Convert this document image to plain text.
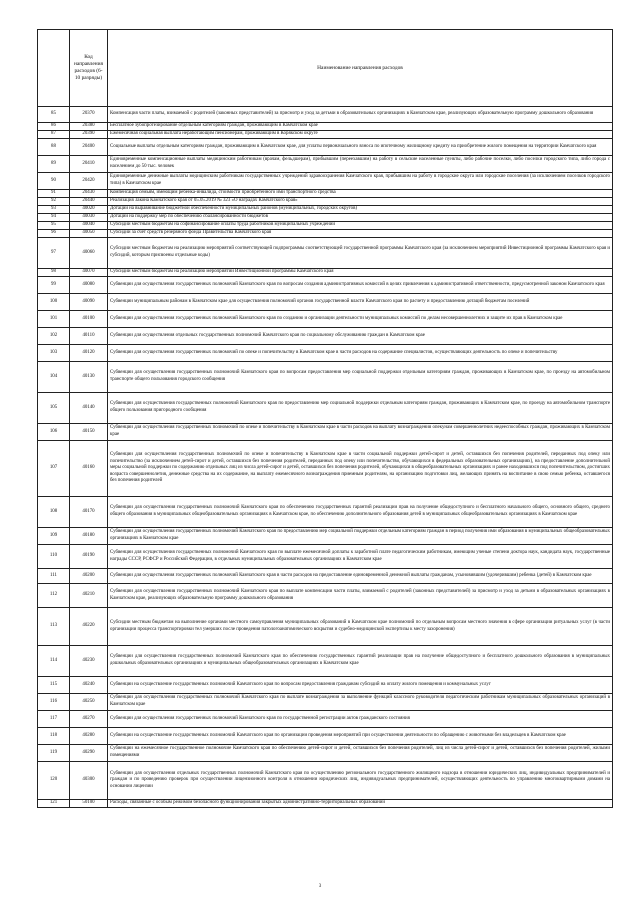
	Код направления расходов (6-10 разряды)	Наименование направления расходов
85	20370	Компенсация части платы, взимаемой с родителей (законных представителей) за присмотр и уход за детьми в образовательных организациях в Камчатском крае, реализующих образовательную программу дошкольного образования
86	20380	Бесплатное зубопротезирование отдельным категориям граждан, проживающим в Камчатском крае
87	20390	Ежемесячная социальная выплата неработающим пенсионерам, проживающим в Корякском округе
88	20400	Социальные выплаты отдельным категориям граждан, проживающим в Камчатском крае, для уплаты первоначального взноса по ипотечному жилищному кредиту на приобретение жилого помещения на территории Камчатского края
89	20410	Единовременные компенсационные выплаты медицинским работникам (врачам, фельдшерам), прибывшим (переехавшим) на работу в сельские населенные пункты, либо рабочие поселки, либо поселки городского типа, либо города с населением до 50 тыс. человек
90	20420	Единовременные денежные выплаты медицинским работникам государственных учреждений здравоохранения Камчатского края, прибывшим на работу в городские округа или городские поселения (за исключением поселков городского типа) в Камчатском крае
91	20430	Компенсация семьям, имеющим ребенка-инвалида, стоимости приобретенного ими транспортного средства
92	20440	Реализация Закона Камчатского края от 05.05.2019 № 323 «О наградах Камчатского края»
93	40020	Дотации на выравнивание бюджетной обеспеченности муниципальных районов (муниципальных, городских округов)
94	40030	Дотации на поддержку мер по обеспечению сбалансированности бюджетов
95	40040	Субсидии местным бюджетам на софинансирование оплаты труда работников муниципальных учреждений
96	40050	Субсидии за счет средств резервного фонда Правительства Камчатского края
97	40060	Субсидии местным бюджетам на реализацию мероприятий соответствующей подпрограммы соответствующей государственной программы Камчатского края (за исключением мероприятий Инвестиционной программы Камчатского края и субсидий, которым присвоены отдельные коды)
98	40070	Субсидии местным бюджетам на реализацию мероприятий Инвестиционной программы Камчатского края
99	40080	Субвенции для осуществления государственных полномочий Камчатского края по вопросам создания административных комиссий в целях привлечения к административной ответственности, предусмотренной законом Камчатского края
100	40090	Субвенции муниципальным районам в Камчатском крае для осуществления полномочий органов государственной власти Камчатского края по расчету и предоставлению дотаций бюджетам поселений
101	40100	Субвенции для осуществления государственных полномочий Камчатского края по созданию и организации деятельности муниципальных комиссий по делам несовершеннолетних и защите их прав в Камчатском крае
102	40110	Субвенции для осуществления отдельных государственных полномочий Камчатского края по социальному обслуживанию граждан в Камчатском крае
103	40120	Субвенции для осуществления государственных полномочий по опеке и попечительству в Камчатском крае в части расходов на содержание специалистов, осуществляющих деятельность по опеке и попечительству
104	40130	Субвенции для осуществления государственных полномочий Камчатского края по вопросам предоставления мер социальной поддержки отдельным категориям граждан, проживающих в Камчатском крае, по проезду на автомобильном транспорте общего пользования городского сообщения
105	40140	Субвенции для осуществления государственных полномочий Камчатского края по предоставлению мер социальной поддержки отдельным категориям граждан, проживающих в Камчатском крае, по проезду на автомобильном транспорте общего пользования пригородного сообщения
106	40150	Субвенции для осуществления государственных полномочий по опеке и попечительству в Камчатском крае в части расходов на выплату вознаграждения опекунам совершеннолетних недееспособных граждан, проживающих в Камчатском крае
107	40160	Субвенции для осуществления государственных полномочий по опеке и попечительству в Камчатском крае в части социальной поддержки детей-сирот и детей, оставшихся без попечения родителей, переданных под опеку или попечительство (за исключением детей-сирот и детей, оставшихся без попечения родителей, переданных под опеку или попечительство, обучающихся в федеральных образовательных организациях), на предоставление дополнительной меры социальной поддержки по содержанию отдельных лиц из числа детей-сирот и детей, оставшихся без попечения родителей, обучающихся в общеобразовательных организациях и ранее находившихся под попечительством, достигших возраста совершеннолетия, денежные средства на их содержание, на выплату ежемесячного вознаграждения приемным родителям, на организацию подготовки лиц, желающих принять на воспитание в свою семью ребенка, оставшегося без попечения родителей
108	40170	Субвенции для осуществления государственных полномочий Камчатского края по обеспечению государственных гарантий реализации прав на получение общедоступного и бесплатного начального общего, основного общего, среднего общего образования в муниципальных общеобразовательных организациях в Камчатском крае, по обеспечению дополнительного образования детей в муниципальных общеобразовательных организациях в Камчатском крае
109	40180	Субвенции для осуществления государственных полномочий Камчатского края по предоставлению мер социальной поддержки отдельным категориям граждан в период получения ими образования в муниципальных общеобразовательных организациях в Камчатском крае
110	40190	Субвенции для осуществления государственных полномочий Камчатского края по выплате ежемесячной доплаты к заработной плате педагогическим работникам, имеющим ученые степени доктора наук, кандидата наук, государственные награды СССР, РСФСР и Российской Федерации, в отдельных муниципальных образовательных организациях в Камчатском крае
111	40200	Субвенции для осуществления государственных полномочий Камчатского края в части расходов на предоставление единовременной денежной выплаты гражданам, усыновившим (удочерившим) ребенка (детей) в Камчатском крае
112	40210	Субвенции для осуществления государственных полномочий Камчатского края по выплате компенсации части платы, взимаемой с родителей (законных представителей) за присмотр и уход за детьми в образовательных организациях в Камчатском крае, реализующих образовательную программу дошкольного образования
113	40220	Субсидии местным бюджетам на выполнение органами местного самоуправления муниципальных образований в Камчатском крае полномочий по отдельным вопросам местного значения в сфере организации ритуальных услуг (в части организации процесса транспортировки тел умерших после проведения патологоанатомического вскрытия и судебно-медицинской экспертизы к месту захоронения)
114	40230	Субвенции для осуществления государственных полномочий Камчатского края по обеспечению государственных гарантий реализации прав на получение общедоступного и бесплатного дошкольного образования в муниципальных дошкольных образовательных организациях и муниципальных общеобразовательных организациях в Камчатском крае
115	40240	Субвенции на осуществление государственных полномочий Камчатского края по вопросам предоставления гражданам субсидий на оплату жилого помещения и коммунальных услуг
116	40250	Субвенции для осуществления государственных полномочий Камчатского края по выплате вознаграждения за выполнение функций классного руководителя педагогическим работникам муниципальных образовательных организаций в Камчатском крае
117	40270	Субвенции для осуществления государственных полномочий Камчатского края по государственной регистрации актов гражданского состояния
118	40280	Субвенции на осуществление государственных полномочий Камчатского края по организации проведения мероприятий при осуществлении деятельности по обращению с животными без владельцев в Камчатском крае
119	40290	Субвенции на ежемесячное государственное полномочие Камчатского края по обеспечению детей-сирот и детей, оставшихся без попечения родителей, лиц из числа детей-сирот и детей, оставшихся без попечения родителей, жилыми помещениями
120	40300	Субвенции для осуществления отдельных государственных полномочий Камчатского края по осуществлению регионального государственного жилищного надзора в отношении юридических лиц, индивидуальных предпринимателей и граждан и по проведению проверок при осуществлении лицензионного контроля в отношении юридических лиц, индивидуальных предпринимателей, осуществляющих деятельность по управлению многоквартирными домами на основании лицензии
121	50100	Расходы, связанные с особым режимом безопасного функционирования закрытых административно-территориальных образований
3
